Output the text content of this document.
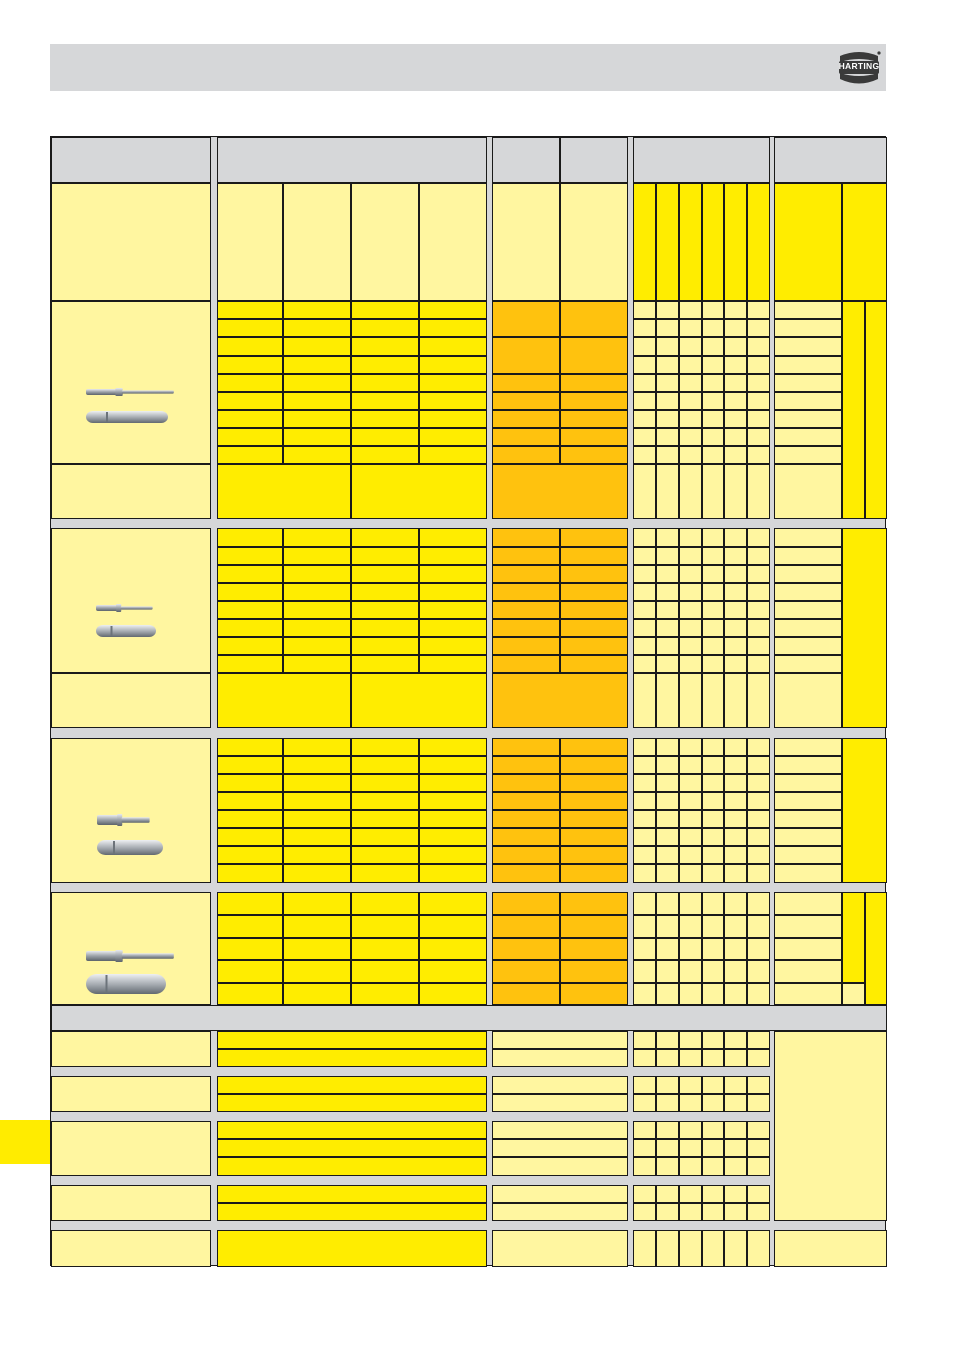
HARTING
